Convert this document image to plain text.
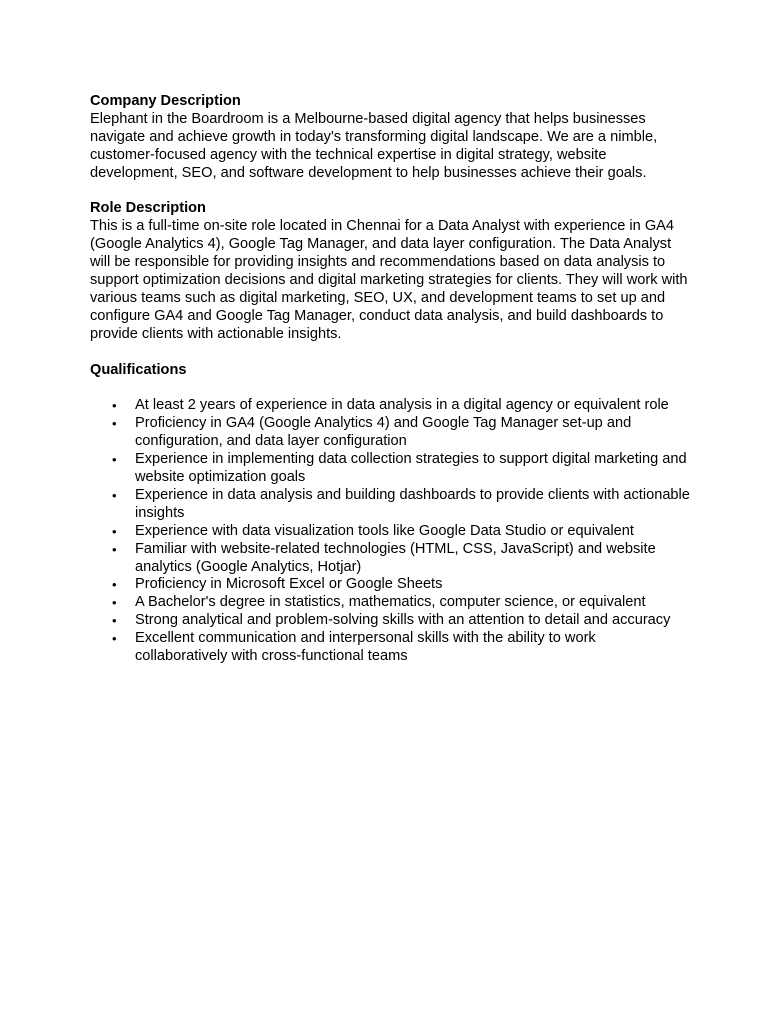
Company Description

Elephant in the Boardroom is a Melbourne-based digital agency that helps businesses navigate and achieve growth in today's transforming digital landscape. We are a nimble, customer-focused agency with the technical expertise in digital strategy, website development, SEO, and software development to help businesses achieve their goals.

Role Description

This is a full-time on-site role located in Chennai for a Data Analyst with experience in GA4 (Google Analytics 4), Google Tag Manager, and data layer configuration. The Data Analyst will be responsible for providing insights and recommendations based on data analysis to support optimization decisions and digital marketing strategies for clients. They will work with various teams such as digital marketing, SEO, UX, and development teams to set up and configure GA4 and Google Tag Manager, conduct data analysis, and build dashboards to provide clients with actionable insights.

Qualifications

• At least 2 years of experience in data analysis in a digital agency or equivalent role
• Proficiency in GA4 (Google Analytics 4) and Google Tag Manager set-up and configuration, and data layer configuration
• Experience in implementing data collection strategies to support digital marketing and website optimization goals
• Experience in data analysis and building dashboards to provide clients with actionable insights
• Experience with data visualization tools like Google Data Studio or equivalent
• Familiar with website-related technologies (HTML, CSS, JavaScript) and website analytics (Google Analytics, Hotjar)
• Proficiency in Microsoft Excel or Google Sheets
• A Bachelor's degree in statistics, mathematics, computer science, or equivalent
• Strong analytical and problem-solving skills with an attention to detail and accuracy
• Excellent communication and interpersonal skills with the ability to work collaboratively with cross-functional teams
